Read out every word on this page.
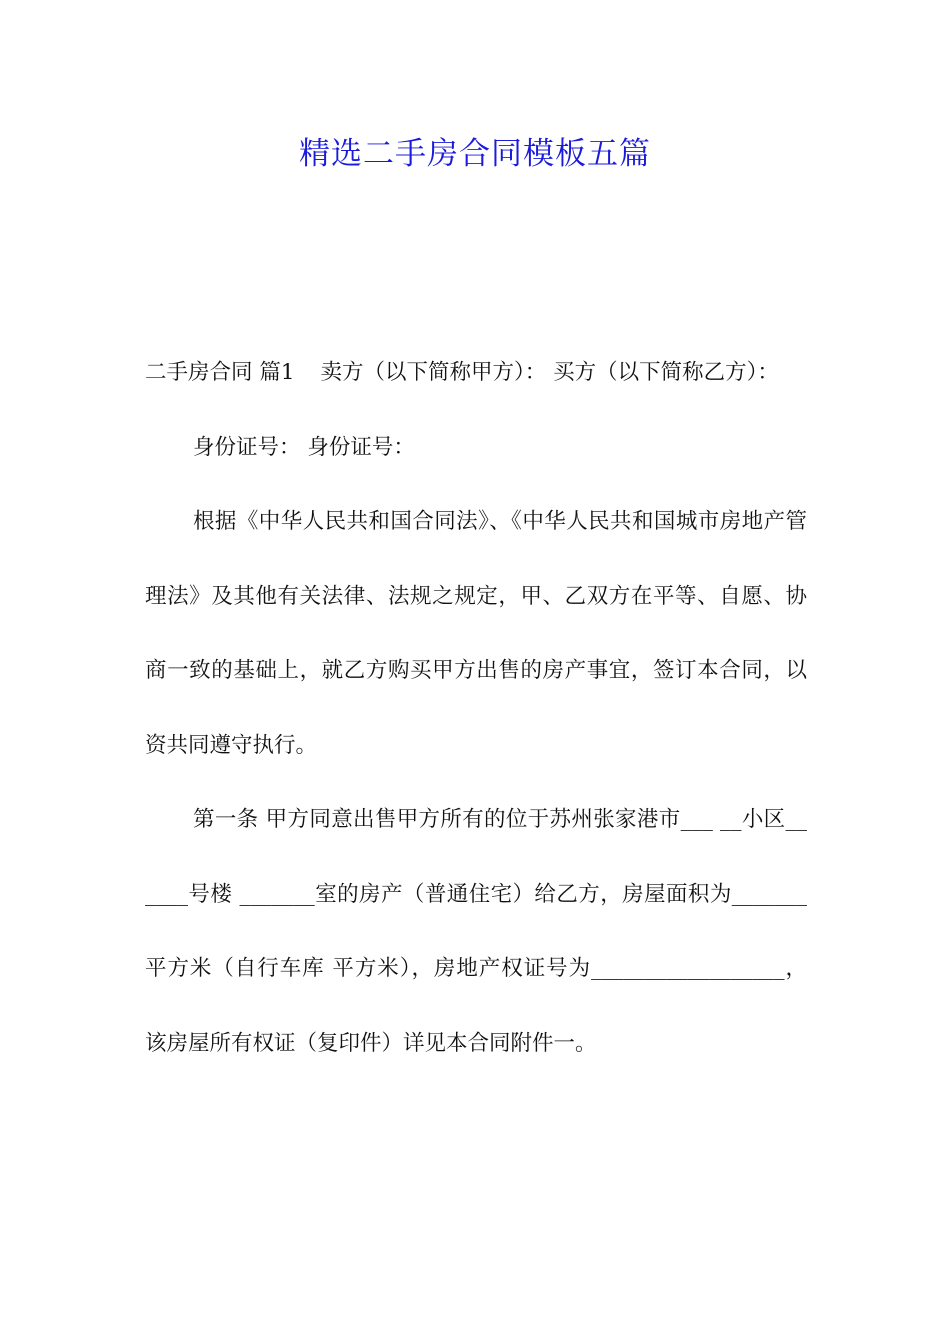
精选二手房合同模板五篇

二手房合同 篇1 卖方（以下简称甲方）： 买方（以下简称乙方）：

身份证号： 身份证号：

根据《中华人民共和国合同法》、《中华人民共和国城市房地产管理法》及其他有关法律、法规之规定，甲、乙双方在平等、自愿、协商一致的基础上，就乙方购买甲方出售的房产事宜，签订本合同，以资共同遵守执行。

第一条 甲方同意出售甲方所有的位于苏州张家港市___ __小区______号楼 _______室的房产（普通住宅）给乙方，房屋面积为_______平方米（自行车库 平方米），房地产权证号为__________________，该房屋所有权证（复印件）详见本合同附件一。
